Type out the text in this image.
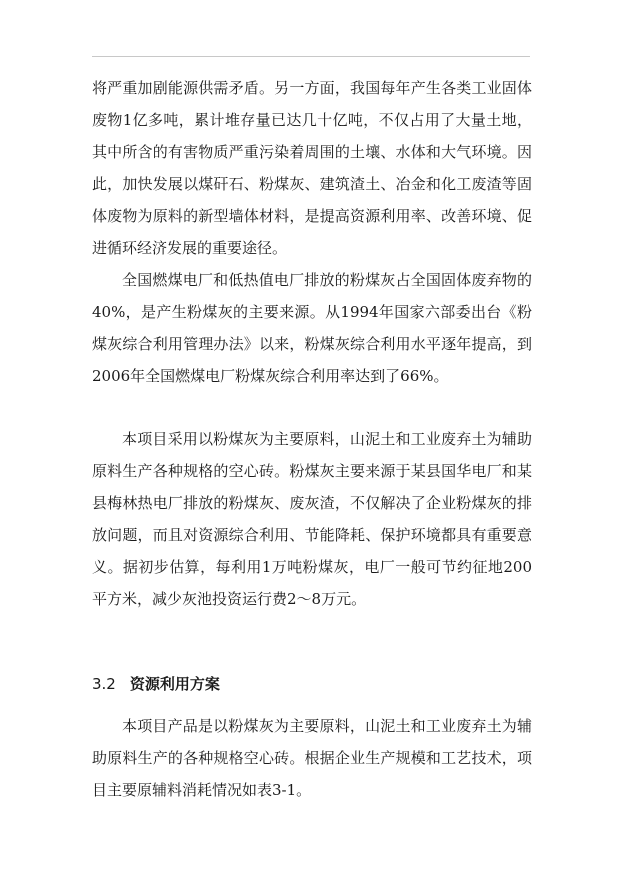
将严重加剧能源供需矛盾。另一方面，我国每年产生各类工业固体废物1亿多吨，累计堆存量已达几十亿吨，不仅占用了大量土地，其中所含的有害物质严重污染着周围的土壤、水体和大气环境。因此，加快发展以煤矸石、粉煤灰、建筑渣土、冶金和化工废渣等固体废物为原料的新型墙体材料，是提高资源利用率、改善环境、促进循环经济发展的重要途径。

全国燃煤电厂和低热值电厂排放的粉煤灰占全国固体废弃物的40%，是产生粉煤灰的主要来源。从1994年国家六部委出台《粉煤灰综合利用管理办法》以来，粉煤灰综合利用水平逐年提高，到2006年全国燃煤电厂粉煤灰综合利用率达到了66%。

本项目采用以粉煤灰为主要原料，山泥土和工业废弃土为辅助原料生产各种规格的空心砖。粉煤灰主要来源于某县国华电厂和某县梅林热电厂排放的粉煤灰、废灰渣，不仅解决了企业粉煤灰的排放问题，而且对资源综合利用、节能降耗、保护环境都具有重要意义。据初步估算，每利用1万吨粉煤灰，电厂一般可节约征地200平方米，减少灰池投资运行费2～8万元。

3.2 资源利用方案

本项目产品是以粉煤灰为主要原料，山泥土和工业废弃土为辅助原料生产的各种规格空心砖。根据企业生产规模和工艺技术，项目主要原辅料消耗情况如表3-1。
